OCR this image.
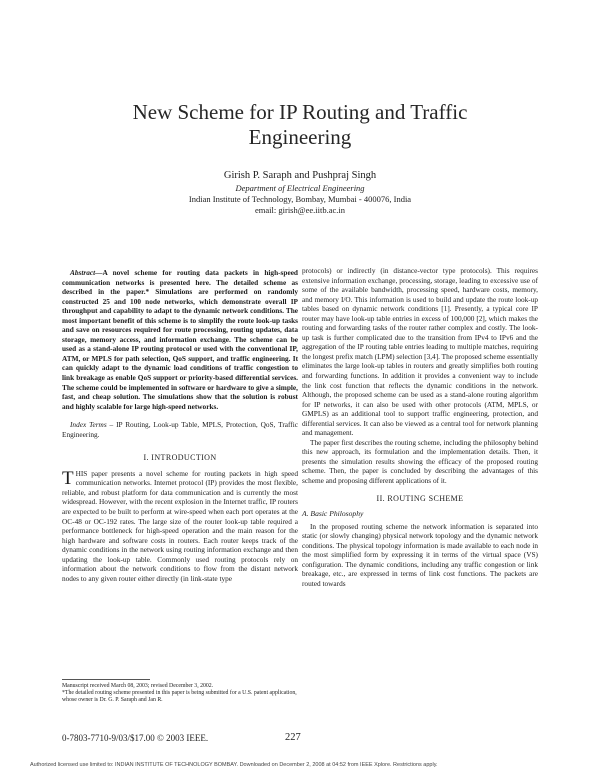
New Scheme for IP Routing and Traffic
Engineering
Girish P. Saraph and Pushpraj Singh
Department of Electrical Engineering
Indian Institute of Technology, Bombay, Mumbai - 400076, India
email: girish@ee.iitb.ac.in

Abstract—A novel scheme for routing data packets in high-speed communication networks is presented here. The detailed scheme as described in the paper.* Simulations are performed on randomly constructed 25 and 100 node networks, which demonstrate overall IP throughput and capability to adapt to the dynamic network conditions. The most important benefit of this scheme is to simplify the route look-up tasks and save on resources required for route processing, routing updates, data storage, memory access, and information exchange. The scheme can be used as a stand-alone IP routing protocol or used with the conventional IP, ATM, or MPLS for path selection, QoS support, and traffic engineering. It can quickly adapt to the dynamic load conditions of traffic congestion to link breakage as enable QoS support or priority-based differential services. The scheme could be implemented in software or hardware to give a simple, fast, and cheap solution. The simulations show that the solution is robust and highly scalable for large high-speed networks.

Index Terms – IP Routing, Look-up Table, MPLS, Protection, QoS, Traffic Engineering.

I. INTRODUCTION

THIS paper presents a novel scheme for routing packets in high speed communication networks. Internet protocol (IP) provides the most flexible, reliable, and robust platform for data communication and is currently the most widespread. However, with the recent explosion in the Internet traffic, IP routers are expected to be built to perform at wire-speed when each port operates at the OC-48 or OC-192 rates. The large size of the router look-up table required a performance bottleneck for high-speed operation and the main reason for the high hardware and software costs in routers. Each router keeps track of the dynamic conditions in the network using routing information exchange and then updating the look-up table. Commonly used routing protocols rely on information about the network conditions to flow from the distant network nodes to any given router either directly (in link-state type

Manuscript received March 08, 2003; revised December 3, 2002.
*The detailed routing scheme presented in this paper is being submitted for a U.S. patent application, whose owner is Dr. G. P. Saraph and Jan R.

protocols) or indirectly (in distance-vector type protocols). This requires extensive information exchange, processing, storage, leading to excessive use of some of the available bandwidth, processing speed, hardware costs, memory, and memory I/O. This information is used to build and update the route look-up tables based on dynamic network conditions [1]. Presently, a typical core IP router may have look-up table entries in excess of 100,000 [2], which makes the routing and forwarding tasks of the router rather complex and costly. The look-up task is further complicated due to the transition from IPv4 to IPv6 and the aggregation of the IP routing table entries leading to multiple matches, requiring the longest prefix match (LPM) selection [3,4]. The proposed scheme essentially eliminates the large look-up tables in routers and greatly simplifies both routing and forwarding functions. In addition it provides a convenient way to include the link cost function that reflects the dynamic conditions in the network. Although, the proposed scheme can be used as a stand-alone routing algorithm for IP networks, it can also be used with other protocols (ATM, MPLS, or GMPLS) as an additional tool to support traffic engineering, protection, and differential services. It can also be viewed as a central tool for network planning and management.

The paper first describes the routing scheme, including the philosophy behind this new approach, its formulation and the implementation details. Then, it presents the simulation results showing the efficacy of the proposed routing scheme. Then, the paper is concluded by describing the advantages of this scheme and proposing different applications of it.

II. ROUTING SCHEME

A. Basic Philosophy

In the proposed routing scheme the network information is separated into static (or slowly changing) physical network topology and the dynamic network conditions. The physical topology information is made available to each node in the most simplified form by expressing it in terms of the virtual space (VS) configuration. The dynamic conditions, including any traffic congestion or link breakage, etc., are expressed in terms of link cost functions. The packets are routed towards

0-7803-7710-9/03/$17.00 © 2003 IEEE.	227
Authorized licensed use limited to: INDIAN INSTITUTE OF TECHNOLOGY BOMBAY. Downloaded on December 2, 2008 at 04:52 from IEEE Xplore. Restrictions apply.
